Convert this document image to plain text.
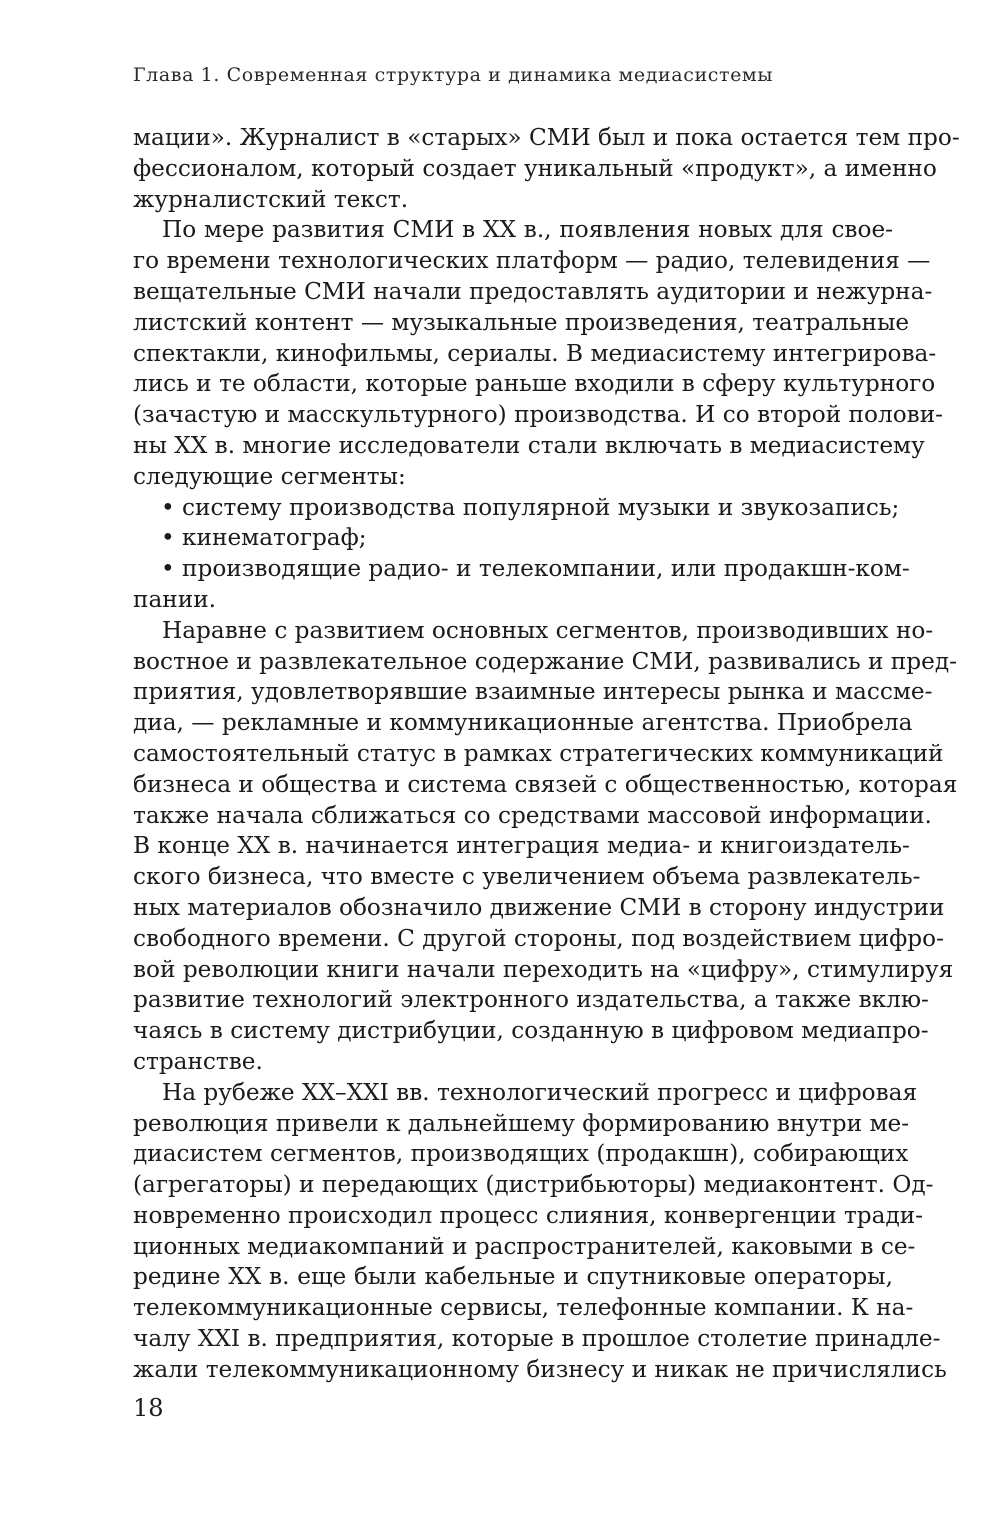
Глава 1. Современная структура и динамика медиасистемы
мации». Журналист в «старых» СМИ был и пока остается тем про-
фессионалом, который создает уникальный «продукт», а именно
журналистский текст.
По мере развития СМИ в XX в., появления новых для свое-
го времени технологических платформ — радио, телевидения —
вещательные СМИ начали предоставлять аудитории и нежурна-
листский контент — музыкальные произведения, театральные
спектакли, кинофильмы, сериалы. В медиасистему интегрирова-
лись и те области, которые раньше входили в сферу культурного
(зачастую и масскультурного) производства. И со второй полови-
ны XX в. многие исследователи стали включать в медиасистему
следующие сегменты:
• систему производства популярной музыки и звукозапись;
• кинематограф;
• производящие радио- и телекомпании, или продакшн-ком-
пании.
Наравне с развитием основных сегментов, производивших но-
востное и развлекательное содержание СМИ, развивались и пред-
приятия, удовлетворявшие взаимные интересы рынка и массме-
диа, — рекламные и коммуникационные агентства. Приобрела
самостоятельный статус в рамках стратегических коммуникаций
бизнеса и общества и система связей с общественностью, которая
также начала сближаться со средствами массовой информации.
В конце XX в. начинается интеграция медиа- и книгоиздатель-
ского бизнеса, что вместе с увеличением объема развлекатель-
ных материалов обозначило движение СМИ в сторону индустрии
свободного времени. С другой стороны, под воздействием цифро-
вой революции книги начали переходить на «цифру», стимулируя
развитие технологий электронного издательства, а также вклю-
чаясь в систему дистрибуции, созданную в цифровом медиапро-
странстве.
На рубеже XX–XXI вв. технологический прогресс и цифровая
революция привели к дальнейшему формированию внутри ме-
диасистем сегментов, производящих (продакшн), собирающих
(агрегаторы) и передающих (дистрибьюторы) медиаконтент. Од-
новременно происходил процесс слияния, конвергенции тради-
ционных медиакомпаний и распространителей, каковыми в се-
редине XX в. еще были кабельные и спутниковые операторы,
телекоммуникационные сервисы, телефонные компании. К на-
чалу XXI в. предприятия, которые в прошлое столетие принадле-
жали телекоммуникационному бизнесу и никак не причислялись
18
